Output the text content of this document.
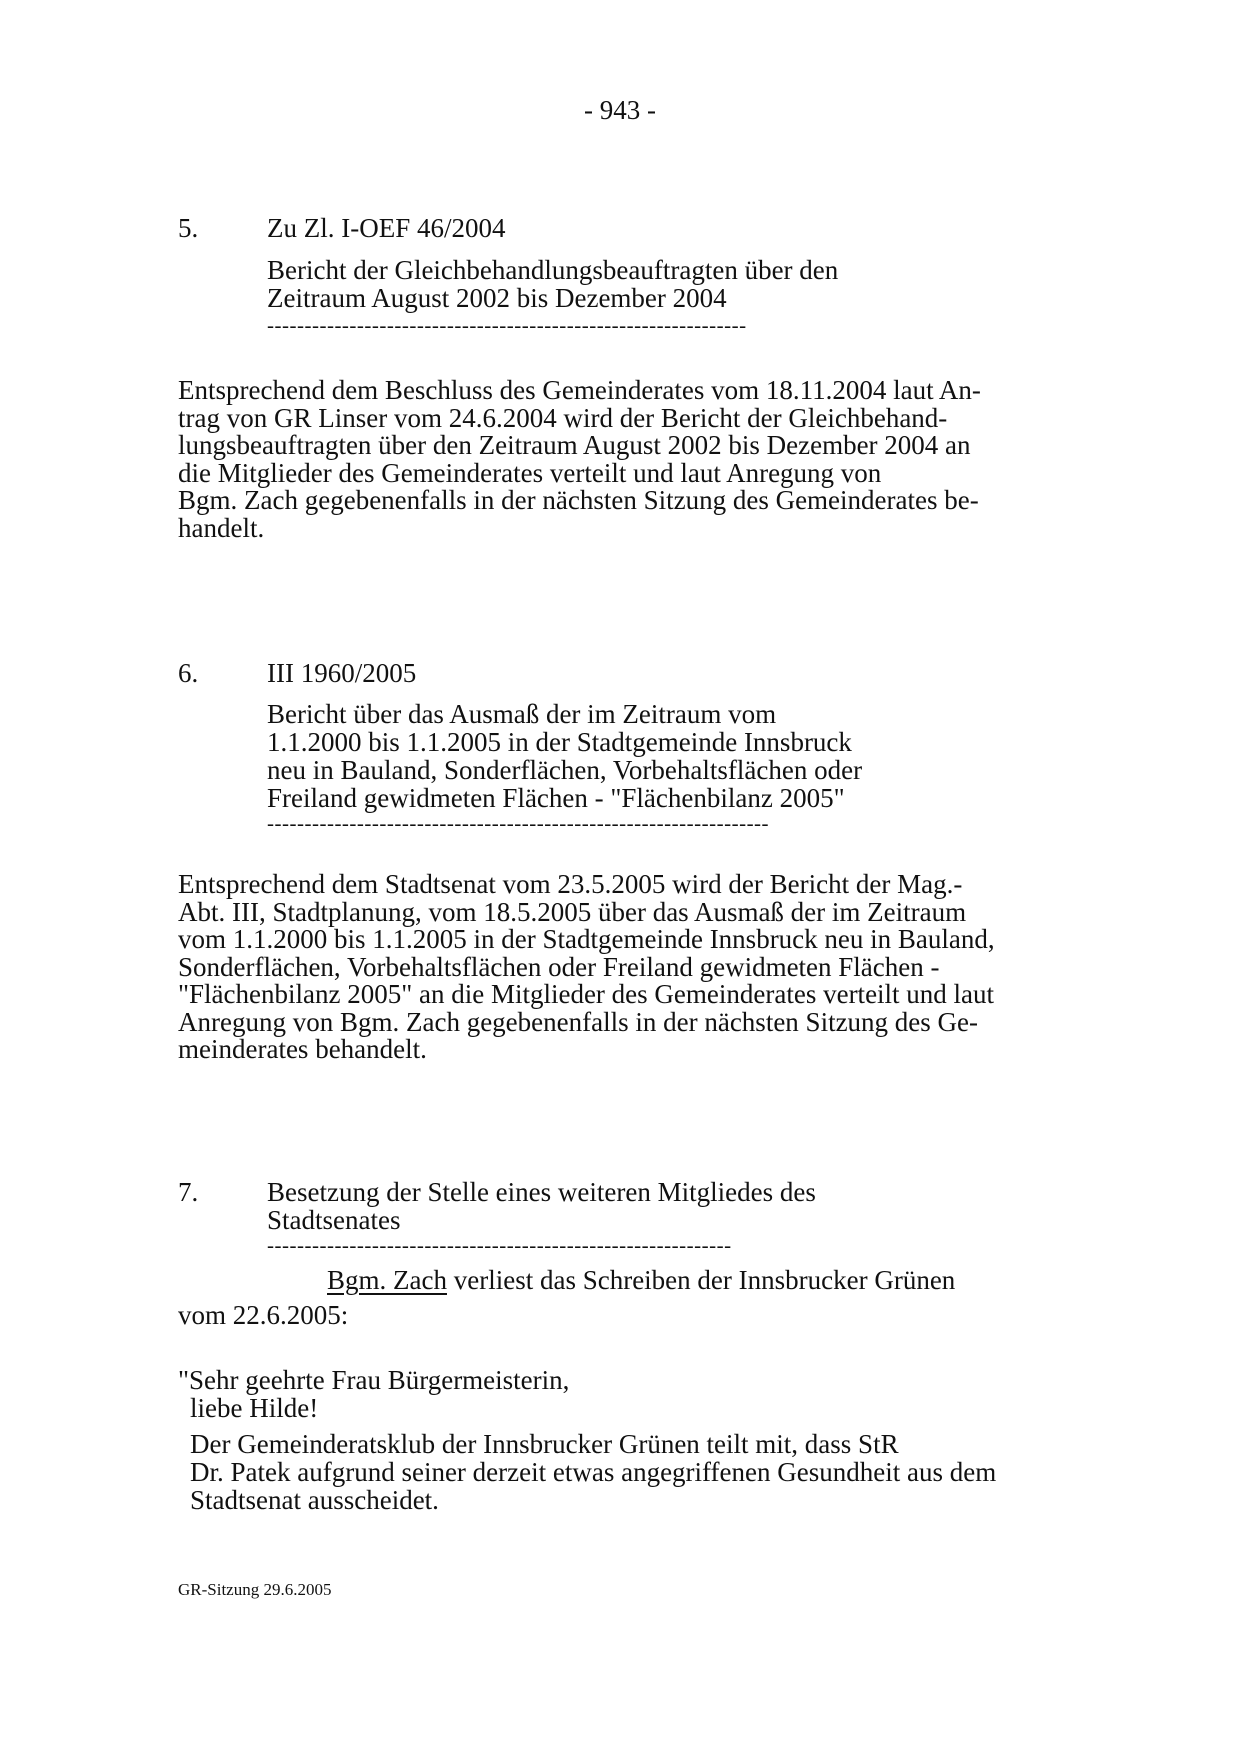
- 943 -
5.	Zu Zl. I-OEF 46/2004
Bericht der Gleichbehandlungsbeauftragten über den
Zeitraum August 2002 bis Dezember 2004
----------------------------------------------------------------
Entsprechend dem Beschluss des Gemeinderates vom 18.11.2004 laut An-
trag von GR Linser vom 24.6.2004 wird der Bericht der Gleichbehand-
lungsbeauftragten über den Zeitraum August 2002 bis Dezember 2004 an
die Mitglieder des Gemeinderates verteilt und laut Anregung von
Bgm. Zach gegebenenfalls in der nächsten Sitzung des Gemeinderates be-
handelt.
6.	III 1960/2005
Bericht über das Ausmaß der im Zeitraum vom
1.1.2000 bis 1.1.2005 in der Stadtgemeinde Innsbruck
neu in Bauland, Sonderflächen, Vorbehaltsflächen oder
Freiland gewidmeten Flächen - "Flächenbilanz 2005"
-------------------------------------------------------------------
Entsprechend dem Stadtsenat vom 23.5.2005 wird der Bericht der Mag.-
Abt. III, Stadtplanung, vom 18.5.2005 über das Ausmaß der im Zeitraum
vom 1.1.2000 bis 1.1.2005 in der Stadtgemeinde Innsbruck neu in Bauland,
Sonderflächen, Vorbehaltsflächen oder Freiland gewidmeten Flächen -
"Flächenbilanz 2005" an die Mitglieder des Gemeinderates verteilt und laut
Anregung von Bgm. Zach gegebenenfalls in der nächsten Sitzung des Ge-
meinderates behandelt.
7.	Besetzung der Stelle eines weiteren Mitgliedes des
Stadtsenates
--------------------------------------------------------------
Bgm. Zach verliest das Schreiben der Innsbrucker Grünen
vom 22.6.2005:
"Sehr geehrte Frau Bürgermeisterin,
liebe Hilde!
Der Gemeinderatsklub der Innsbrucker Grünen teilt mit, dass StR
Dr. Patek aufgrund seiner derzeit etwas angegriffenen Gesundheit aus dem
Stadtsenat ausscheidet.
GR-Sitzung 29.6.2005
